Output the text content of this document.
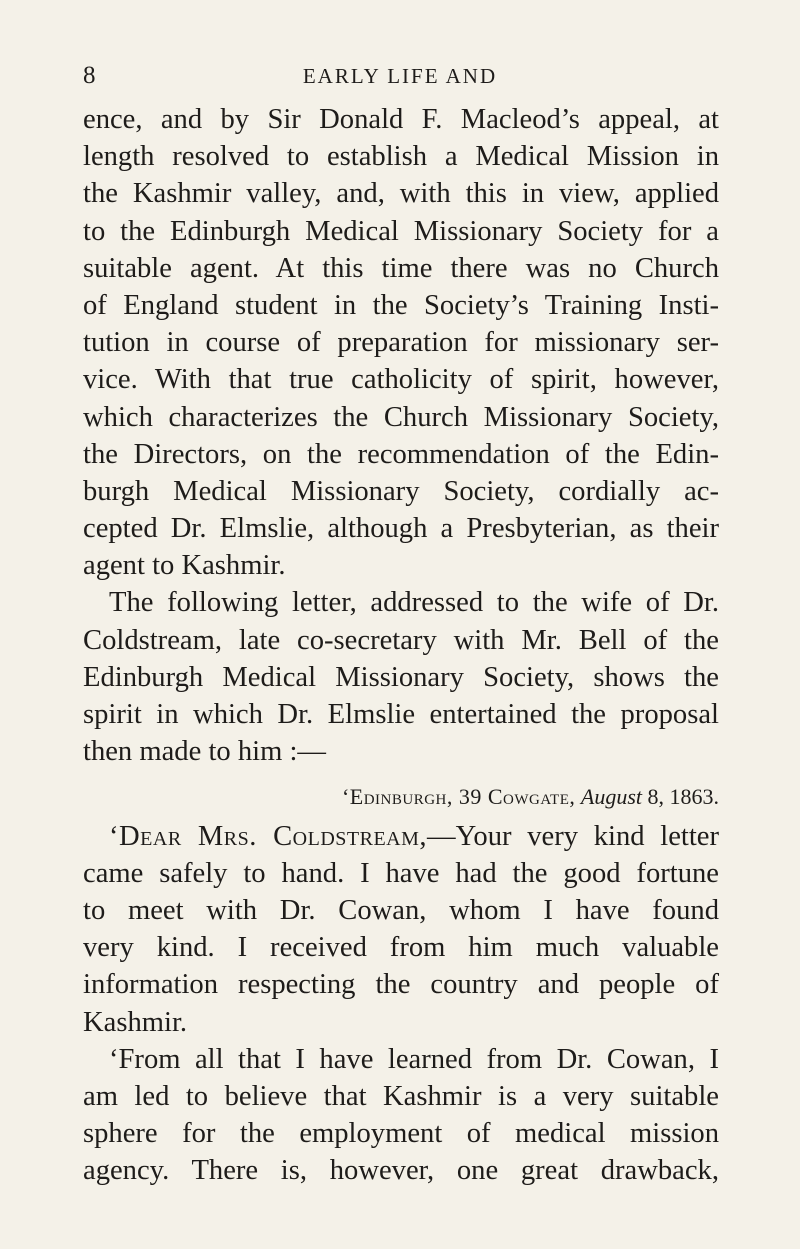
8	EARLY LIFE AND
ence, and by Sir Donald F. Macleod’s appeal, at
length resolved to establish a Medical Mission in
the Kashmir valley, and, with this in view, applied
to the Edinburgh Medical Missionary Society for a
suitable agent. At this time there was no Church
of England student in the Society’s Training Insti-
tution in course of preparation for missionary ser-
vice. With that true catholicity of spirit, however,
which characterizes the Church Missionary Society,
the Directors, on the recommendation of the Edin-
burgh Medical Missionary Society, cordially ac-
cepted Dr. Elmslie, although a Presbyterian, as their
agent to Kashmir.
The following letter, addressed to the wife of Dr.
Coldstream, late co-secretary with Mr. Bell of the
Edinburgh Medical Missionary Society, shows the
spirit in which Dr. Elmslie entertained the proposal
then made to him :—
‘Edinburgh, 39 Cowgate, August 8, 1863.
‘Dear Mrs. Coldstream,—Your very kind letter
came safely to hand. I have had the good fortune
to meet with Dr. Cowan, whom I have found
very kind. I received from him much valuable
information respecting the country and people of
Kashmir.
‘From all that I have learned from Dr. Cowan, I
am led to believe that Kashmir is a very suitable
sphere for the employment of medical mission
agency. There is, however, one great drawback,
